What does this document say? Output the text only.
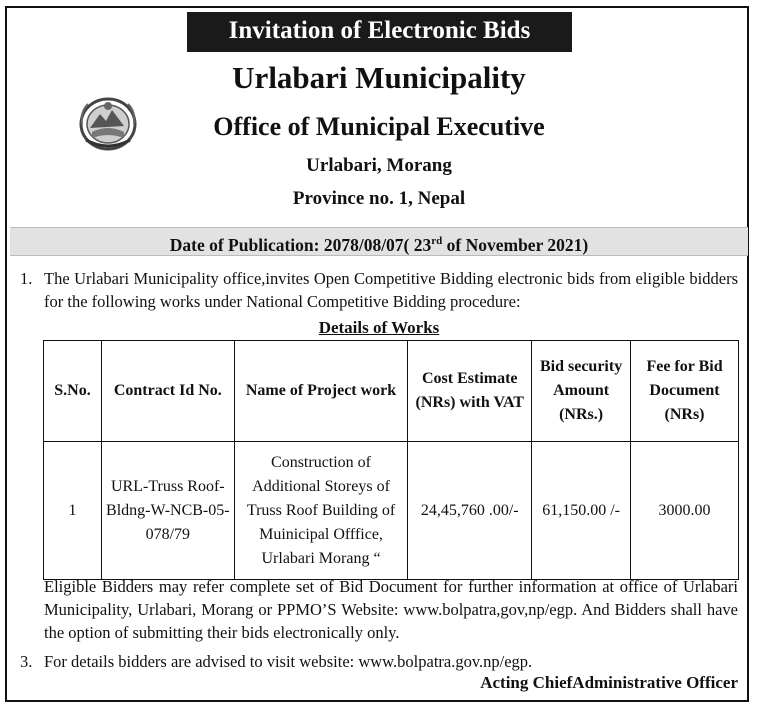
Invitation of Electronic Bids
Urlabari Municipality
Office of Municipal Executive
Urlabari, Morang
Province no. 1, Nepal
Date of Publication: 2078/08/07( 23rd of November 2021)
1. The Urlabari Municipality office,invites Open Competitive Bidding electronic bids from eligible bidders for the following works under National Competitive Bidding procedure:
Details of Works
S.No.	Contract Id No.	Name of Project work	Cost Estimate (NRs) with VAT	Bid security Amount (NRs.)	Fee for Bid Document (NRs)
1	URL-Truss Roof-Bldng-W-NCB-05-078/79	Construction of Additional Storeys of Truss Roof Building of Muinicipal Offfice, Urlabari Morang “	24,45,760 .00/-	61,150.00 /-	3000.00
Eligible Bidders may refer complete set of Bid Document for further information at office of Urlabari Municipality, Urlabari, Morang or PPMO’S Website: www.bolpatra,gov,np/egp. And Bidders shall have the option of submitting their bids electronically only.
3. For details bidders are advised to visit website: www.bolpatra.gov.np/egp.
Acting ChiefAdministrative Officer
